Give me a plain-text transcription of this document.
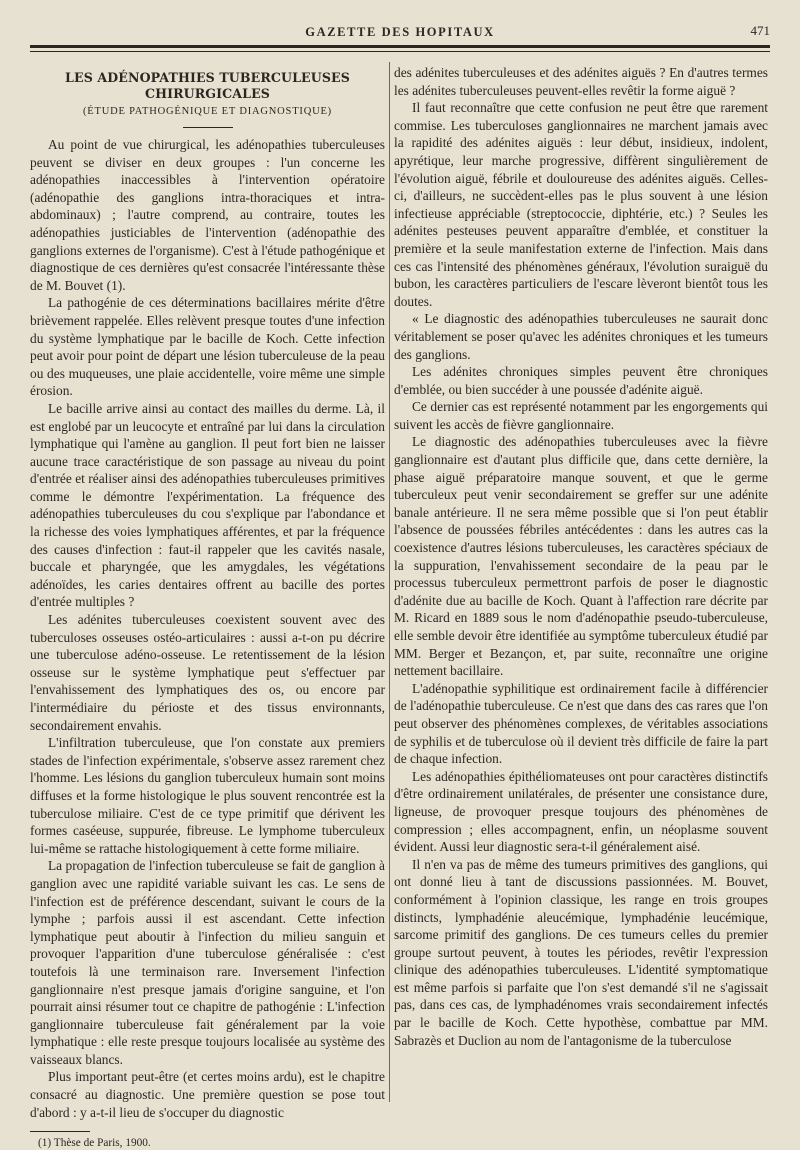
GAZETTE DES HOPITAUX	471
LES ADÉNOPATHIES TUBERCULEUSES CHIRURGICALES
(ÉTUDE PATHOGÉNIQUE ET DIAGNOSTIQUE)

Au point de vue chirurgical, les adénopathies tuberculeuses peuvent se diviser en deux groupes : l'un concerne les adénopathies inaccessibles à l'intervention opératoire (adénopathie des ganglions intra-thoraciques et intra-abdominaux) ; l'autre comprend, au contraire, toutes les adénopathies justiciables de l'intervention (adénopathie des ganglions externes de l'organisme). C'est à l'étude pathogénique et diagnostique de ces dernières qu'est consacrée l'intéressante thèse de M. Bouvet (1).

La pathogénie de ces déterminations bacillaires mérite d'être brièvement rappelée. Elles relèvent presque toutes d'une infection du système lymphatique par le bacille de Koch. Cette infection peut avoir pour point de départ une lésion tuberculeuse de la peau ou des muqueuses, une plaie accidentelle, voire même une simple érosion.

Le bacille arrive ainsi au contact des mailles du derme. Là, il est englobé par un leucocyte et entraîné par lui dans la circulation lymphatique qui l'amène au ganglion. Il peut fort bien ne laisser aucune trace caractéristique de son passage au niveau du point d'entrée et réaliser ainsi des adénopathies tuberculeuses primitives comme le démontre l'expérimentation. La fréquence des adénopathies tuberculeuses du cou s'explique par l'abondance et la richesse des voies lymphatiques afférentes, et par la fréquence des causes d'infection : faut-il rappeler que les cavités nasale, buccale et pharyngée, que les amygdales, les végétations adénoïdes, les caries dentaires offrent au bacille des portes d'entrée multiples ?

Les adénites tuberculeuses coexistent souvent avec des tuberculoses osseuses ostéo-articulaires : aussi a-t-on pu décrire une tuberculose adéno-osseuse. Le retentissement de la lésion osseuse sur le système lymphatique peut s'effectuer par l'envahissement des lymphatiques des os, ou encore par l'intermédiaire du périoste et des tissus environnants, secondairement envahis.

L'infiltration tuberculeuse, que l'on constate aux premiers stades de l'infection expérimentale, s'observe assez rarement chez l'homme. Les lésions du ganglion tuberculeux humain sont moins diffuses et la forme histologique le plus souvent rencontrée est la tuberculose miliaire. C'est de ce type primitif que dérivent les formes caséeuse, suppurée, fibreuse. Le lymphome tuberculeux lui-même se rattache histologiquement à cette forme miliaire.

La propagation de l'infection tuberculeuse se fait de ganglion à ganglion avec une rapidité variable suivant les cas. Le sens de l'infection est de préférence descendant, suivant le cours de la lymphe ; parfois aussi il est ascendant. Cette infection lymphatique peut aboutir à l'infection du milieu sanguin et provoquer l'apparition d'une tuberculose généralisée : c'est toutefois là une terminaison rare. Inversement l'infection ganglionnaire n'est presque jamais d'origine sanguine, et l'on pourrait ainsi résumer tout ce chapitre de pathogénie : L'infection ganglionnaire tuberculeuse fait généralement par la voie lymphatique : elle reste presque toujours localisée au système des vaisseaux blancs.

Plus important peut-être (et certes moins ardu), est le chapitre consacré au diagnostic. Une première question se pose tout d'abord : y a-t-il lieu de s'occuper du diagnostic

(1) Thèse de Paris, 1900.

des adénites tuberculeuses et des adénites aiguës ? En d'autres termes les adénites tuberculeuses peuvent-elles revêtir la forme aiguë ?

Il faut reconnaître que cette confusion ne peut être que rarement commise. Les tuberculoses ganglionnaires ne marchent jamais avec la rapidité des adénites aiguës : leur début, insidieux, indolent, apyrétique, leur marche progressive, diffèrent singulièrement de l'évolution aiguë, fébrile et douloureuse des adénites aiguës. Celles-ci, d'ailleurs, ne succèdent-elles pas le plus souvent à une lésion infectieuse appréciable (streptococcie, diphtérie, etc.) ? Seules les adénites pesteuses peuvent apparaître d'emblée, et constituer la première et la seule manifestation externe de l'infection. Mais dans ces cas l'intensité des phénomènes généraux, l'évolution suraiguë du bubon, les caractères particuliers de l'escare lèveront bientôt tous les doutes.

« Le diagnostic des adénopathies tuberculeuses ne saurait donc véritablement se poser qu'avec les adénites chroniques et les tumeurs des ganglions.

Les adénites chroniques simples peuvent être chroniques d'emblée, ou bien succéder à une poussée d'adénite aiguë.

Ce dernier cas est représenté notamment par les engorgements qui suivent les accès de fièvre ganglionnaire.

Le diagnostic des adénopathies tuberculeuses avec la fièvre ganglionnaire est d'autant plus difficile que, dans cette dernière, la phase aiguë préparatoire manque souvent, et que le germe tuberculeux peut venir secondairement se greffer sur une adénite banale antérieure. Il ne sera même possible que si l'on peut établir l'absence de poussées fébriles antécédentes : dans les autres cas la coexistence d'autres lésions tuberculeuses, les caractères spéciaux de la suppuration, l'envahissement secondaire de la peau par le processus tuberculeux permettront parfois de poser le diagnostic d'adénite due au bacille de Koch. Quant à l'affection rare décrite par M. Ricard en 1889 sous le nom d'adénopathie pseudo-tuberculeuse, elle semble devoir être identifiée au symptôme tuberculeux étudié par MM. Berger et Bezançon, et, par suite, reconnaître une origine nettement bacillaire.

L'adénopathie syphilitique est ordinairement facile à différencier de l'adénopathie tuberculeuse. Ce n'est que dans des cas rares que l'on peut observer des phénomènes complexes, de véritables associations de syphilis et de tuberculose où il devient très difficile de faire la part de chaque infection.

Les adénopathies épithéliomateuses ont pour caractères distinctifs d'être ordinairement unilatérales, de présenter une consistance dure, ligneuse, de provoquer presque toujours des phénomènes de compression ; elles accompagnent, enfin, un néoplasme souvent évident. Aussi leur diagnostic sera-t-il généralement aisé.

Il n'en va pas de même des tumeurs primitives des ganglions, qui ont donné lieu à tant de discussions passionnées. M. Bouvet, conformément à l'opinion classique, les range en trois groupes distincts, lymphadénie aleucémique, lymphadénie leucémique, sarcome primitif des ganglions. De ces tumeurs celles du premier groupe surtout peuvent, à toutes les périodes, revêtir l'expression clinique des adénopathies tuberculeuses. L'identité symptomatique est même parfois si parfaite que l'on s'est demandé s'il ne s'agissait pas, dans ces cas, de lymphadénomes vrais secondairement infectés par le bacille de Koch. Cette hypothèse, combattue par MM. Sabrazès et Duclion au nom de l'antagonisme de la tuberculose
